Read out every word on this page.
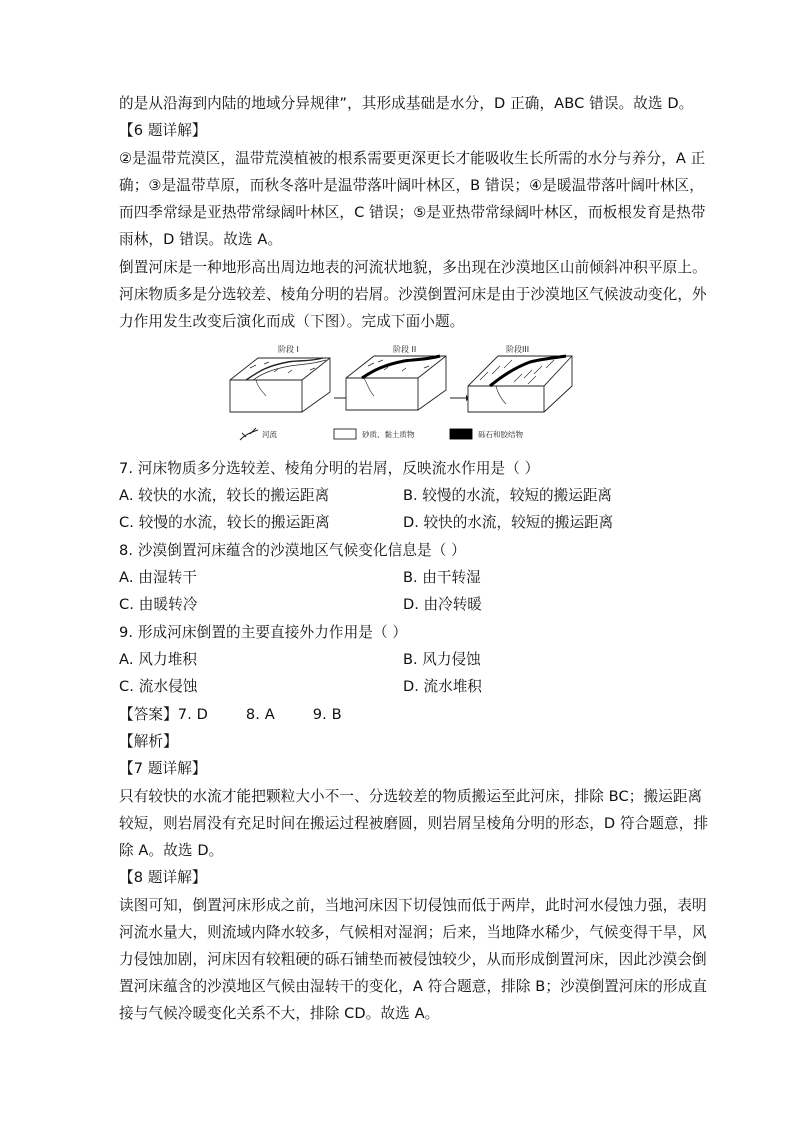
的是从沿海到内陆的地域分异规律”，其形成基础是水分，D 正确，ABC 错误。故选 D。
【6 题详解】
②是温带荒漠区，温带荒漠植被的根系需要更深更长才能吸收生长所需的水分与养分，A 正
确；③是温带草原，而秋冬落叶是温带落叶阔叶林区，B 错误；④是暖温带落叶阔叶林区，
而四季常绿是亚热带常绿阔叶林区，C 错误；⑤是亚热带常绿阔叶林区，而板根发育是热带
雨林，D 错误。故选 A。
倒置河床是一种地形高出周边地表的河流状地貌，多出现在沙漠地区山前倾斜冲积平原上。
河床物质多是分选较差、棱角分明的岩屑。沙漠倒置河床是由于沙漠地区气候波动变化，外
力作用发生改变后演化而成（下图）。完成下面小题。
阶段 I	阶段 II	阶段III
河流	砂质、黏土质物	砾石和胶结物
7. 河床物质多分选较差、棱角分明的岩屑，反映流水作用是（ ）
A. 较快的水流，较长的搬运距离	B. 较慢的水流，较短的搬运距离
C. 较慢的水流，较长的搬运距离	D. 较快的水流，较短的搬运距离
8. 沙漠倒置河床蕴含的沙漠地区气候变化信息是（ ）
A. 由湿转干	B. 由干转湿
C. 由暖转冷	D. 由冷转暖
9. 形成河床倒置的主要直接外力作用是（ ）
A. 风力堆积	B. 风力侵蚀
C. 流水侵蚀	D. 流水堆积
【答案】7. D        8. A        9. B
【解析】
【7 题详解】
只有较快的水流才能把颗粒大小不一、分选较差的物质搬运至此河床，排除 BC；搬运距离
较短，则岩屑没有充足时间在搬运过程被磨圆，则岩屑呈棱角分明的形态，D 符合题意，排
除 A。故选 D。
【8 题详解】
读图可知，倒置河床形成之前，当地河床因下切侵蚀而低于两岸，此时河水侵蚀力强，表明
河流水量大，则流域内降水较多，气候相对湿润；后来，当地降水稀少，气候变得干旱，风
力侵蚀加剧，河床因有较粗硬的砾石铺垫而被侵蚀较少，从而形成倒置河床，因此沙漠会倒
置河床蕴含的沙漠地区气候由湿转干的变化，A 符合题意，排除 B；沙漠倒置河床的形成直
接与气候冷暖变化关系不大，排除 CD。故选 A。
